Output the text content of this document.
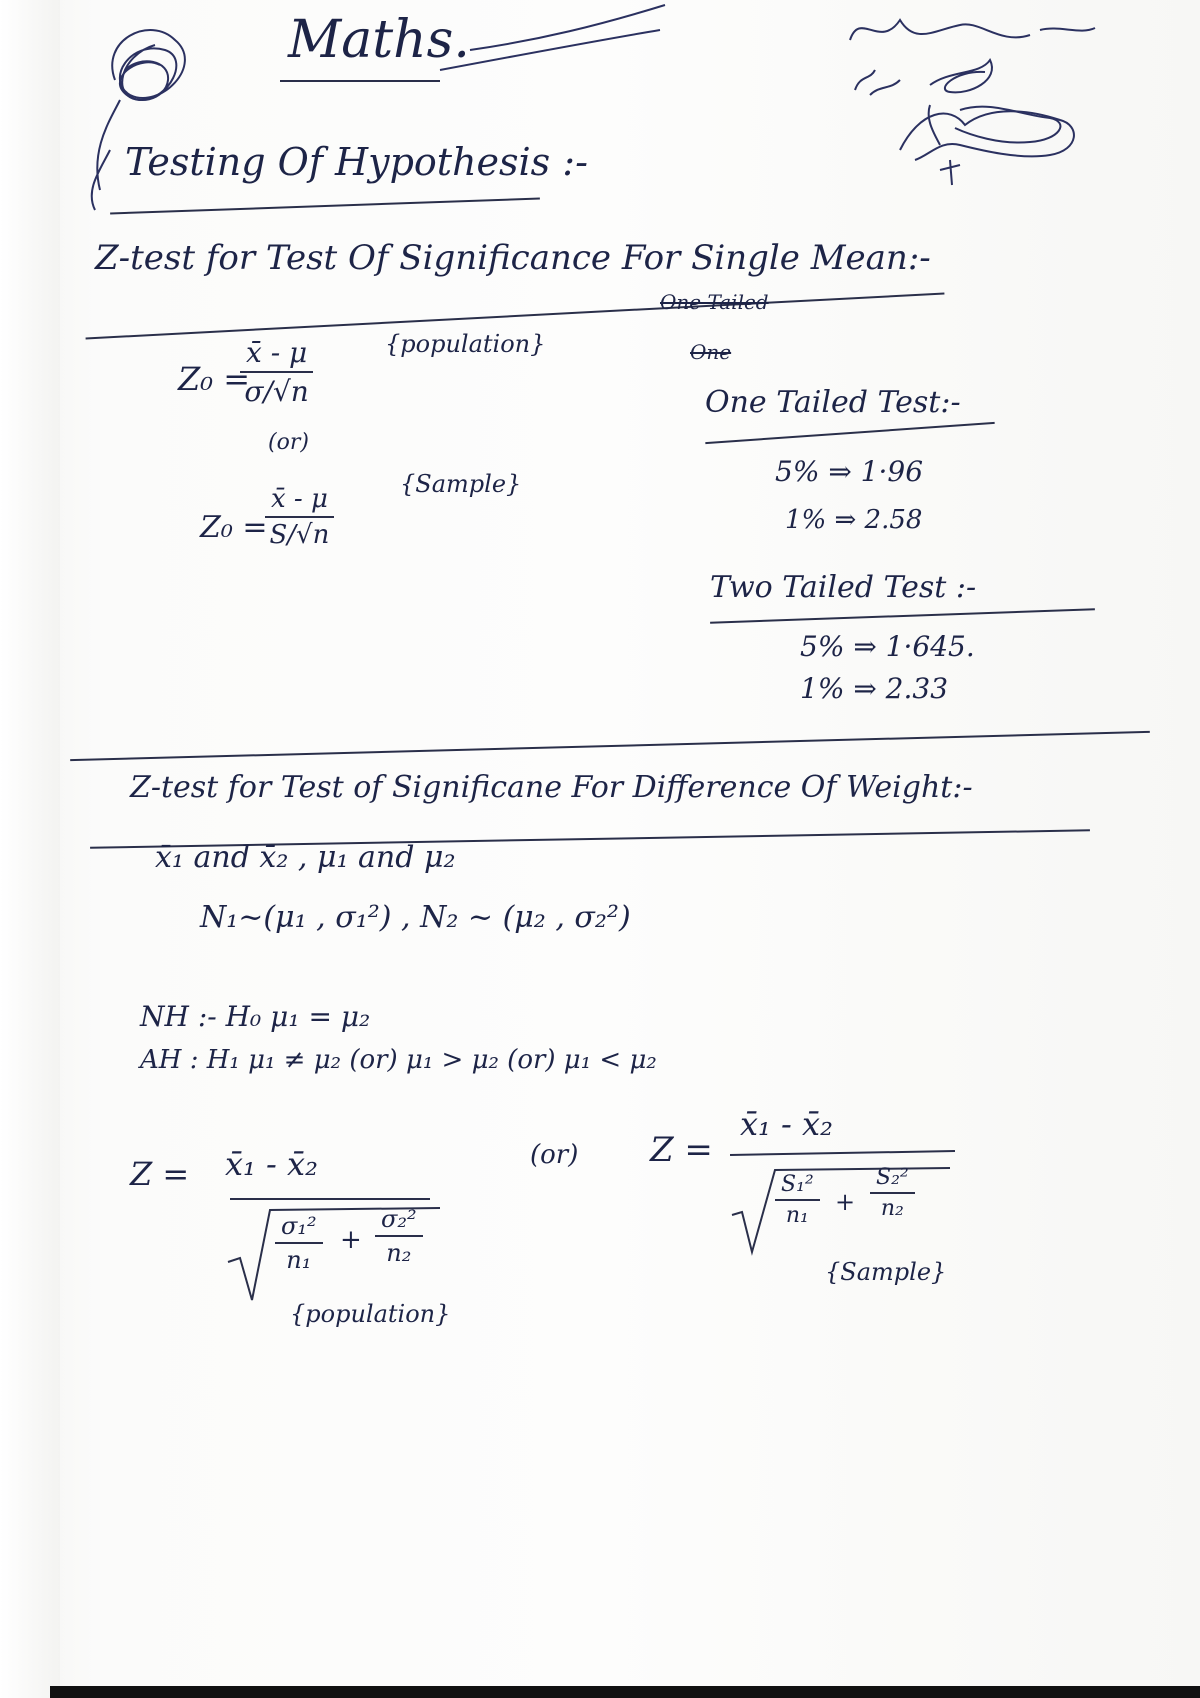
Maths.
Testing Of Hypothesis :-
Z-test for Test Of Significance For Single Mean:-
Z₀ =
$\frac{x̄ - \mu}{\sigma/√n}$	{population}
(or)
Z₀ =
$\frac{x̄ - \mu}{S/√n}$	{Sample}
One Tailed
One
One Tailed Test:-
5% ⇒ 1·96
1% ⇒ 2.58
Two Tailed Test :-
5% ⇒ 1·645.
1% ⇒ 2.33
Z-test for Test of Significane For Difference Of Weight:-
x̄₁ and x̄₂ , μ₁ and μ₂
N₁~(μ₁ , σ₁²) , N₂ ~ (μ₂ , σ₂²)
NH :- H₀ μ₁ = μ₂
AH : H₁ μ₁ ≠ μ₂ (or) μ₁ > μ₂ (or) μ₁ < μ₂
Z = x̄₁ - x̄₂
$\frac{\text{σ₁²}}{\text{n₁}} + \frac{\text{σ₂²}}{\text{n₂}}$
{population}
(or) Z =
x̄₁ - x̄₂
$\frac{\text{S₁²}}{\text{n₁}} + \frac{\text{S₂²}}{\text{n₂}}$
{Sample}
